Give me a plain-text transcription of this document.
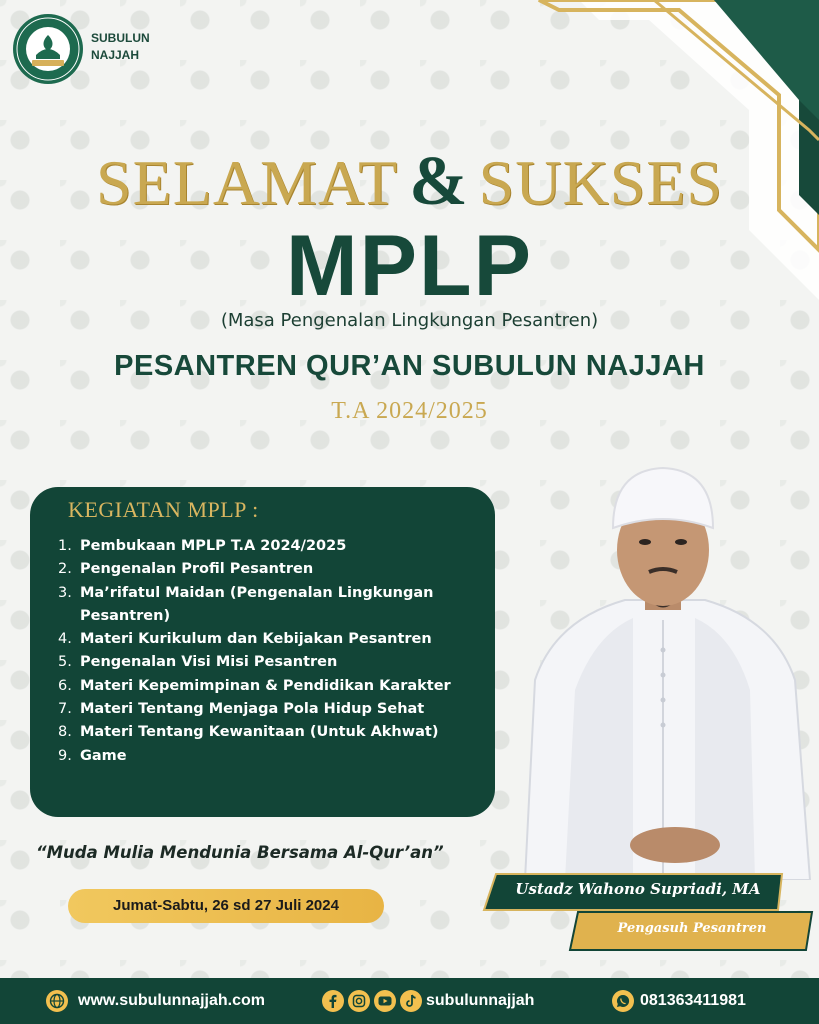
SUBULUN NAJJAH
SELAMAT & SUKSES
MPLP
(Masa Pengenalan Lingkungan Pesantren)
PESANTREN QUR’AN SUBULUN NAJJAH
T.A 2024/2025
KEGIATAN MPLP :
1. Pembukaan MPLP T.A 2024/2025
2. Pengenalan Profil Pesantren
3. Ma’rifatul Maidan (Pengenalan Lingkungan Pesantren)
4. Materi Kurikulum dan Kebijakan Pesantren
5. Pengenalan Visi Misi Pesantren
6. Materi Kepemimpinan & Pendidikan Karakter
7. Materi Tentang Menjaga Pola Hidup Sehat
8. Materi Tentang Kewanitaan (Untuk Akhwat)
9. Game
“Muda Mulia Mendunia Bersama Al-Qur’an”
Jumat-Sabtu, 26 sd 27 Juli 2024
Ustadz Wahono Supriadi, MA
Pengasuh Pesantren
www.subulunnajjah.com	subulunnajjah	081363411981
